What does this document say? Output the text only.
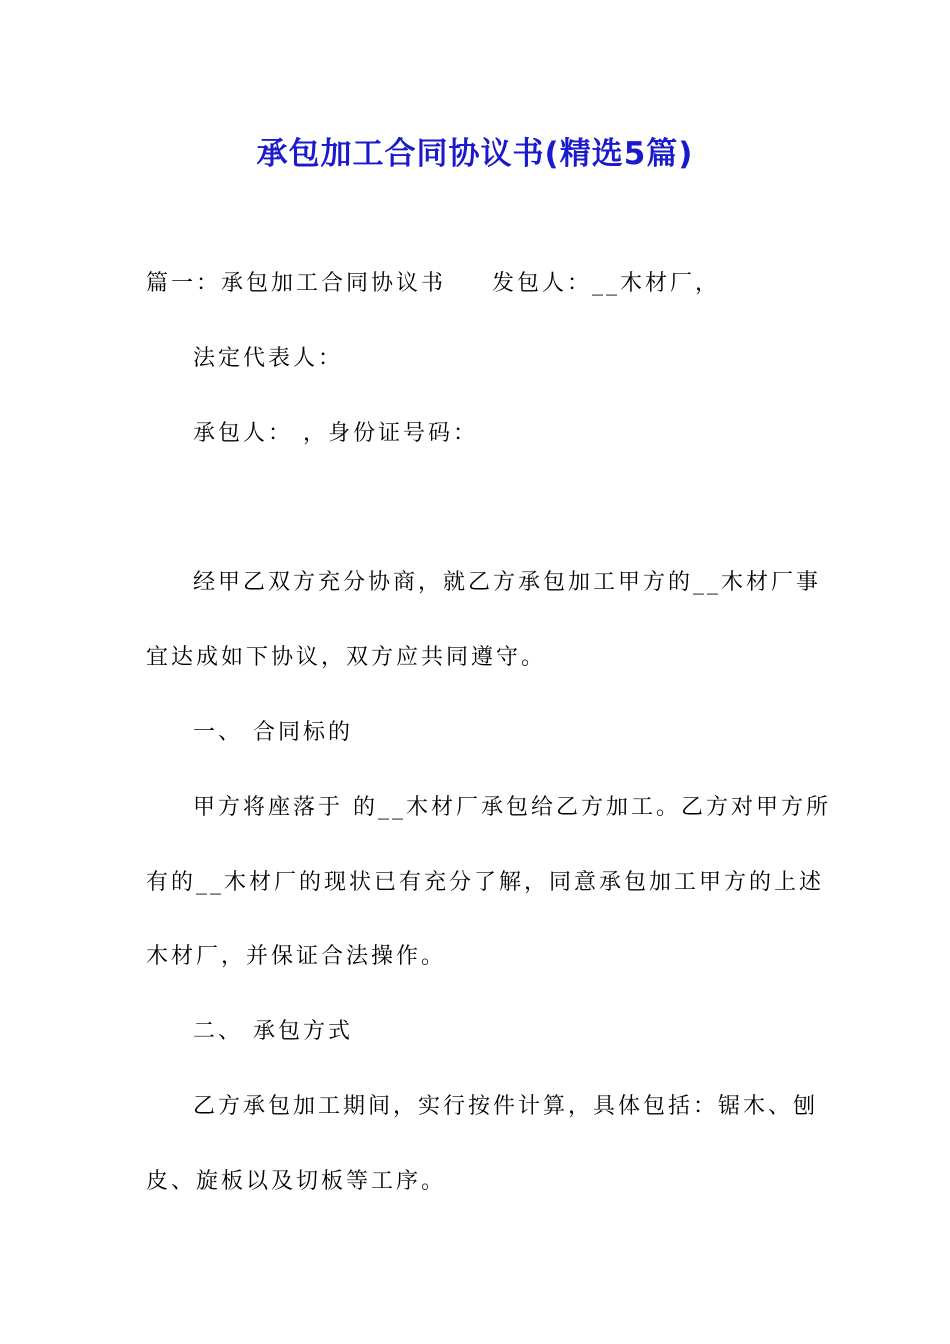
承包加工合同协议书(精选5篇)
篇一：承包加工合同协议书 发包人：__木材厂，
法定代表人：
承包人： ，身份证号码：
经甲乙双方充分协商，就乙方承包加工甲方的__木材厂事
宜达成如下协议，双方应共同遵守。
一、 合同标的
甲方将座落于 的__木材厂承包给乙方加工。乙方对甲方所
有的__木材厂的现状已有充分了解，同意承包加工甲方的上述
木材厂，并保证合法操作。
二、 承包方式
乙方承包加工期间，实行按件计算，具体包括：锯木、刨
皮、旋板以及切板等工序。
